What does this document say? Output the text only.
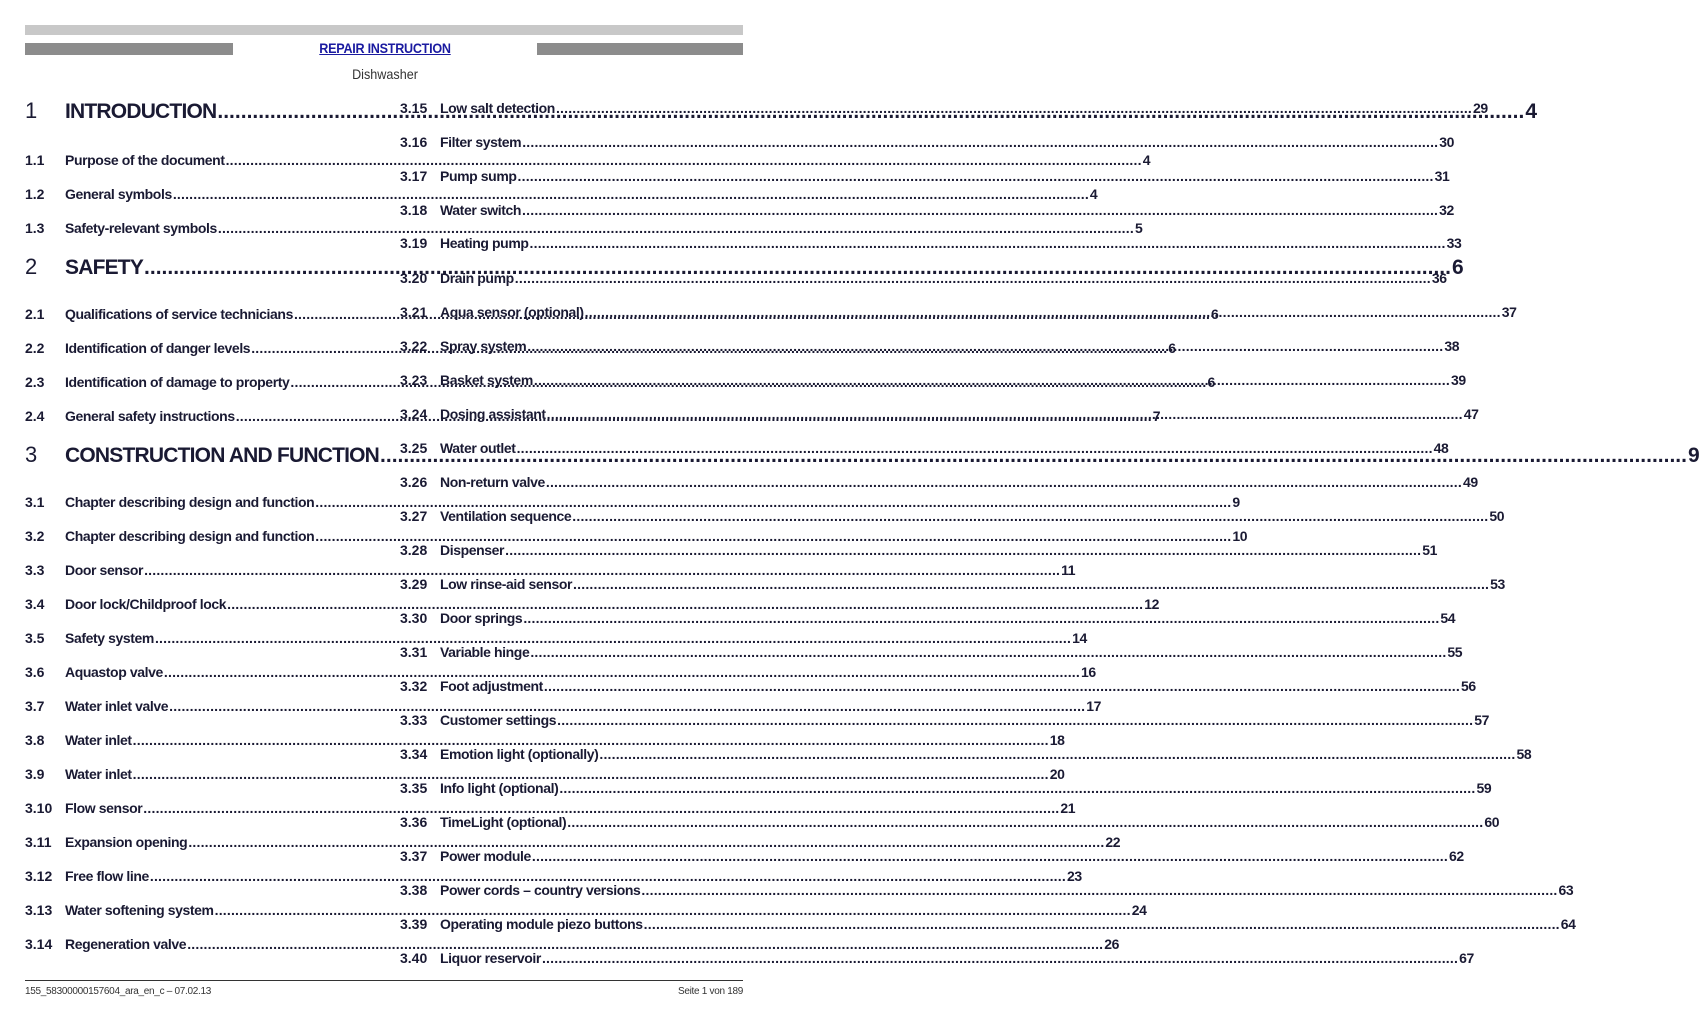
REPAIR INSTRUCTION
Dishwasher
1	INTRODUCTION .....	4
1.1	Purpose of the document .....	4
1.2	General symbols .....	4
1.3	Safety-relevant symbols .....	5
2	SAFETY .....	6
2.1	Qualifications of service technicians .....	6
2.2	Identification of danger levels .....	6
2.3	Identification of damage to property .....	6
2.4	General safety instructions .....	7
3	CONSTRUCTION AND FUNCTION .....	9
3.1	Chapter describing design and function .....	9
3.2	Chapter describing design and function .....	10
3.3	Door sensor .....	11
3.4	Door lock/Childproof lock .....	12
3.5	Safety system .....	14
3.6	Aquastop valve .....	16
3.7	Water inlet valve .....	17
3.8	Water inlet .....	18
3.9	Water inlet .....	20
3.10 Flow sensor .....	21
3.11 Expansion opening .....	22
3.12 Free flow line .....	23
3.13 Water softening system .....	24
3.14 Regeneration valve .....	26
3.15 Low salt detection .....	29
3.16 Filter system .....	30
3.17 Pump sump .....	31
3.18 Water switch .....	32
3.19 Heating pump .....	33
3.20 Drain pump .....	36
3.21 Aqua sensor (optional) .....	37
3.22 Spray system .....	38
3.23 Basket system .....	39
3.24 Dosing assistant .....	47
3.25 Water outlet .....	48
3.26 Non-return valve .....	49
3.27 Ventilation sequence .....	50
3.28 Dispenser .....	51
3.29 Low rinse-aid sensor .....	53
3.30 Door springs .....	54
3.31 Variable hinge .....	55
3.32 Foot adjustment .....	56
3.33 Customer settings .....	57
3.34 Emotion light (optionally) .....	58
3.35 Info light (optional) .....	59
3.36 TimeLight (optional) .....	60
3.37 Power module .....	62
3.38 Power cords – country versions .....	63
3.39 Operating module piezo buttons .....	64
3.40 Liquor reservoir .....	67
155_58300000157604_ara_en_c – 07.02.13	Seite 1 von 189
